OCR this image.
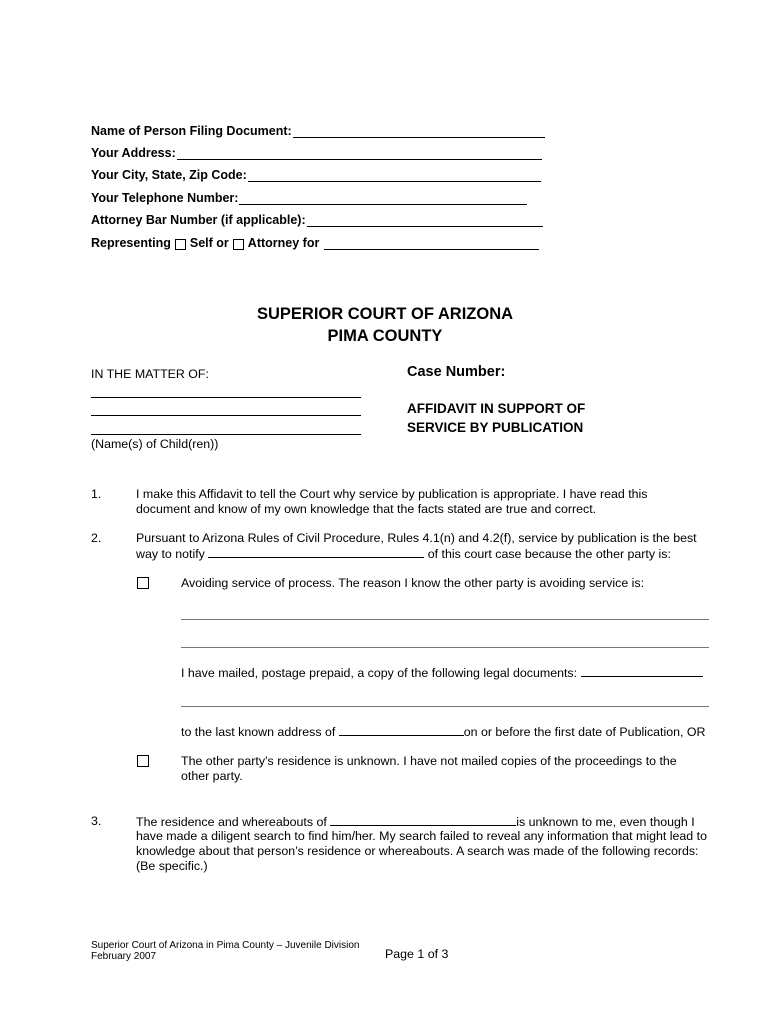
Name of Person Filing Document:
Your Address:
Your City, State, Zip Code:
Your Telephone Number:
Attorney Bar Number (if applicable):
Representing Self or Attorney for
SUPERIOR COURT OF ARIZONA
PIMA COUNTY
IN THE MATTER OF:
(Name(s) of Child(ren))
Case Number:
AFFIDAVIT IN SUPPORT OF
SERVICE BY PUBLICATION
1.	I make this Affidavit to tell the Court why service by publication is appropriate. I have read this
document and know of my own knowledge that the facts stated are true and correct.
2.	Pursuant to Arizona Rules of Civil Procedure, Rules 4.1(n) and 4.2(f), service by publication is the best
way to notify	of this court case because the other party is:
Avoiding service of process. The reason I know the other party is avoiding service is:
I have mailed, postage prepaid, a copy of the following legal documents:
to the last known address of	on or before the first date of Publication, OR
The other party’s residence is unknown. I have not mailed copies of the proceedings to the
other party.
3.	The residence and whereabouts of	is unknown to me, even though I
have made a diligent search to find him/her. My search failed to reveal any information that might lead to
knowledge about that person’s residence or whereabouts. A search was made of the following records:
(Be specific.)
Superior Court of Arizona in Pima County – Juvenile Division
February 2007	Page 1 of 3
